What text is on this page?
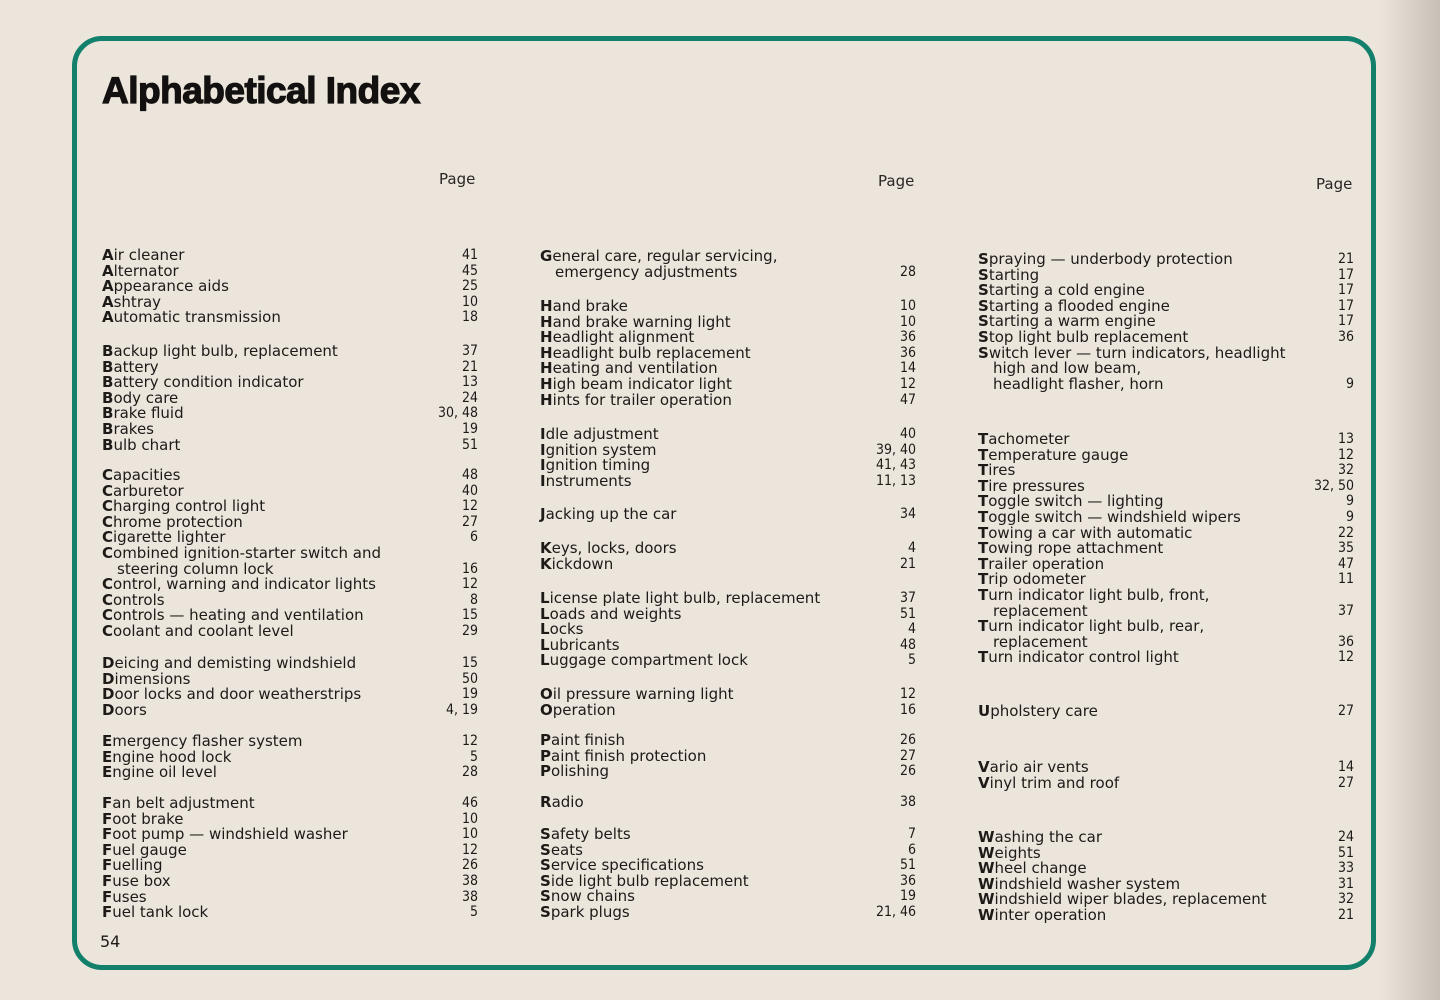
Alphabetical Index
Page	Page	Page
Air cleaner	41
Alternator	45
Appearance aids	25
Ashtray	10
Automatic transmission	18
Backup light bulb, replacement	37
Battery	21
Battery condition indicator	13
Body care	24
Brake fluid	30, 48
Brakes	19
Bulb chart	51
Capacities	48
Carburetor	40
Charging control light	12
Chrome protection	27
Cigarette lighter	6
Combined ignition-starter switch and
steering column lock	16
Control, warning and indicator lights	12
Controls	8
Controls — heating and ventilation	15
Coolant and coolant level	29
Deicing and demisting windshield	15
Dimensions	50
Door locks and door weatherstrips	19
Doors	4, 19
Emergency flasher system	12
Engine hood lock	5
Engine oil level	28
Fan belt adjustment	46
Foot brake	10
Foot pump — windshield washer	10
Fuel gauge	12
Fuelling	26
Fuse box	38
Fuses	38
Fuel tank lock	5
General care, regular servicing,
emergency adjustments	28
Hand brake	10
Hand brake warning light	10
Headlight alignment	36
Headlight bulb replacement	36
Heating and ventilation	14
High beam indicator light	12
Hints for trailer operation	47
Idle adjustment	40
Ignition system	39, 40
Ignition timing	41, 43
Instruments	11, 13
Jacking up the car	34
Keys, locks, doors	4
Kickdown	21
License plate light bulb, replacement	37
Loads and weights	51
Locks	4
Lubricants	48
Luggage compartment lock	5
Oil pressure warning light	12
Operation	16
Paint finish	26
Paint finish protection	27
Polishing	26
Radio	38
Safety belts	7
Seats	6
Service specifications	51
Side light bulb replacement	36
Snow chains	19
Spark plugs	21, 46
Spraying — underbody protection	21
Starting	17
Starting a cold engine	17
Starting a flooded engine	17
Starting a warm engine	17
Stop light bulb replacement	36
Switch lever — turn indicators, headlight
high and low beam,
headlight flasher, horn	9
Tachometer	13
Temperature gauge	12
Tires	32
Tire pressures	32, 50
Toggle switch — lighting	9
Toggle switch — windshield wipers	9
Towing a car with automatic	22
Towing rope attachment	35
Trailer operation	47
Trip odometer	11
Turn indicator light bulb, front,
replacement	37
Turn indicator light bulb, rear,
replacement	36
Turn indicator control light	12
Upholstery care	27
Vario air vents	14
Vinyl trim and roof	27
Washing the car	24
Weights	51
Wheel change	33
Windshield washer system	31
Windshield wiper blades, replacement	32
Winter operation	21
54
